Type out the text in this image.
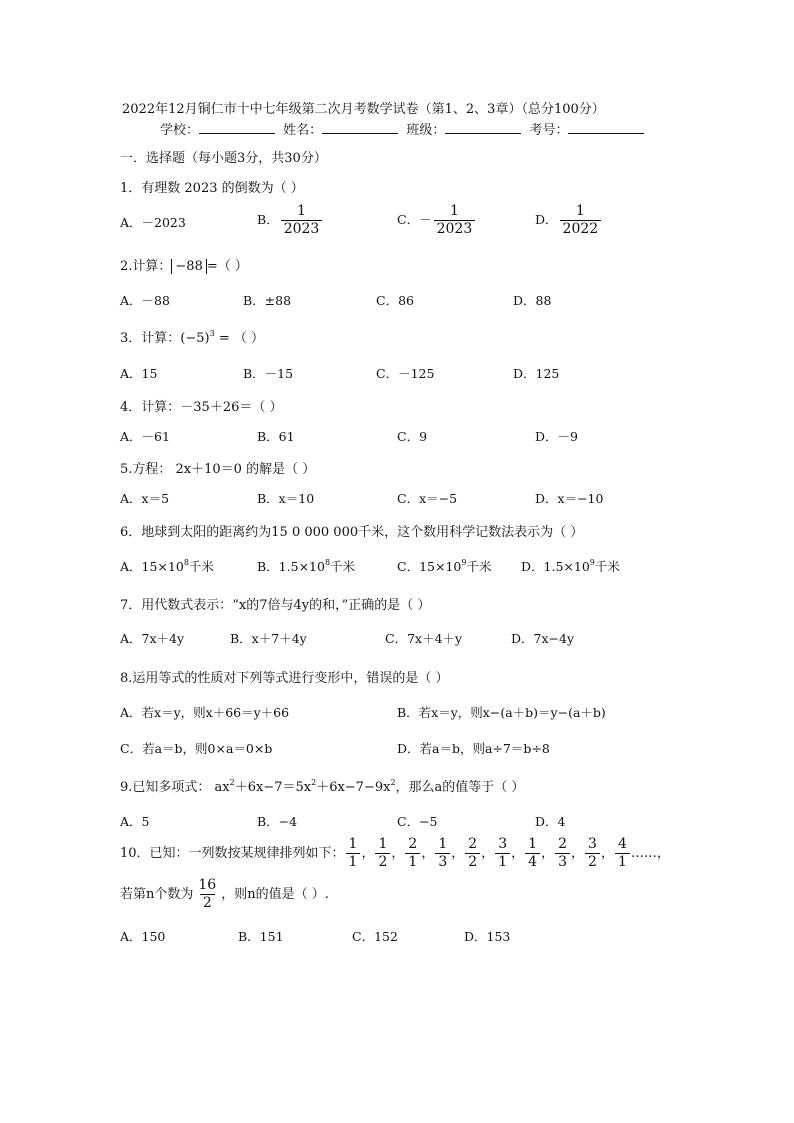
2022年12月铜仁市十中七年级第二次月考数学试卷（第1、2、3章）（总分100分）
学校：	姓名：	班级：	考号：
一．选择题（每小题3分，共30分）
1．有理数 2023 的倒数为（ ）
A．－2023	B． $\frac{1}{2023}$	C．－ $\frac{1}{2023}$	D． $\frac{1}{2022}$
2.计算： −88 =（ ）
A．－88	B．±88	C．86	D．88
3．计算：$(-5)^3$ = （ ）
A．15	B．－15	C．－125	D．125
4．计算：－35＋26＝（ ）
A．－61	B．61	C．9	D．－9
5.方程： 2x＋10＝0 的解是（ ）
A．x＝5	B．x＝10	C．x＝−5	D．x＝−10
6．地球到太阳的距离约为15 0 000 000千米，这个数用科学记数法表示为（ ）
A．$15\times 10^8$千米	B．$1.5\times 10^8$千米	C．$15\times 10^9$千米 D．$1.5\times 10^9$千米
7．用代数式表示：“x的7倍与4y的和，”正确的是（ ）
A．7x＋4y	B．x＋7＋4y	C．7x＋4＋y	D．7x−4y
8.运用等式的性质对下列等式进行变形中，错误的是（ ）
A．若x＝y，则x＋66＝y＋66	B．若x＝y，则x−(a＋b)＝y−(a＋b)
C．若a＝b，则0×a＝0×b	D．若a＝b，则a÷7＝b÷8
9.已知多项式： $ax^2+6x-7=5x^2+6x-7-9x^2$，那么a的值等于（ ）
A．5	B．−4	C．−5	D．4
10．已知：一列数按某规律排列如下： $\frac{1}{1}$ ， $\frac{1}{2}$ ， $\frac{2}{1}$ ， $\frac{1}{3}$ ， $\frac{2}{2}$ ， $\frac{3}{1}$ ， $\frac{1}{4}$ ， $\frac{2}{3}$ ， $\frac{3}{2}$ ， $\frac{4}{1}$ ……，
若第n个数为 $\frac{16}{2}$ ，则n的值是（ ）.
A．150	B．151	C．152	D．153
